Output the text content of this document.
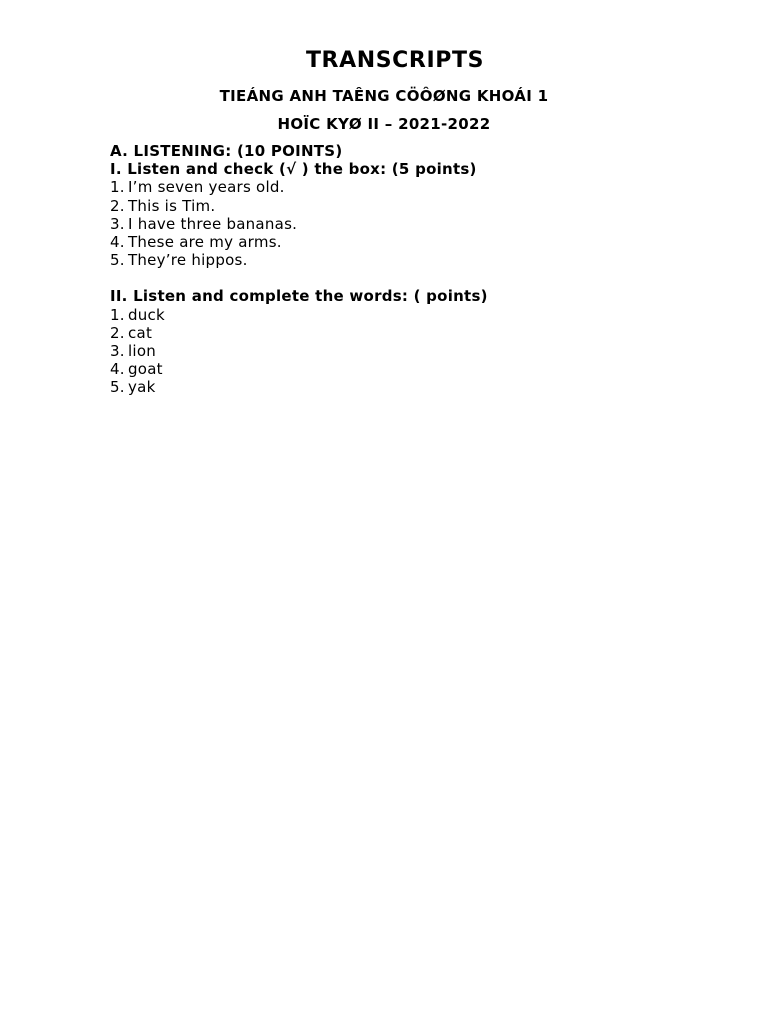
TRANSCRIPTS
TIEÁNG ANH TAÊNG CÖÔØNG KHOÁI 1
HOÏC KYØ II – 2021-2022
A. LISTENING: (10 POINTS)
I. Listen and check (√ ) the box: (5 points)
1. I’m seven years old.
2. This is Tim.
3. I have three bananas.
4. These are my arms.
5. They’re hippos.
II. Listen and complete the words: ( points)
1. duck
2. cat
3. lion
4. goat
5. yak
